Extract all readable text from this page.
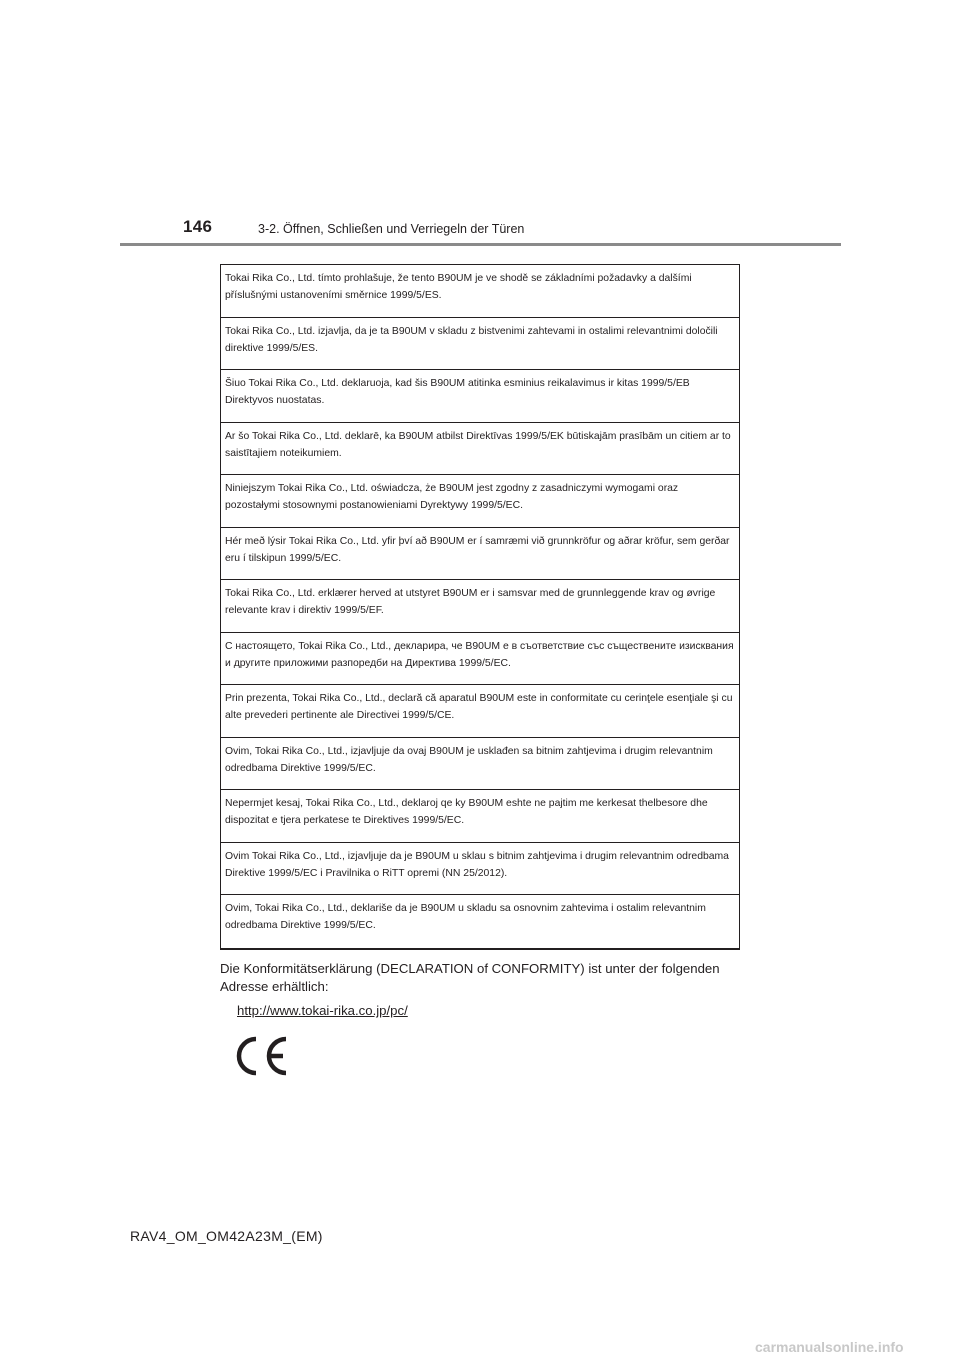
146	3-2. Öffnen, Schließen und Verriegeln der Türen
Tokai Rika Co., Ltd. tímto prohlašuje, že tento B90UM je ve shodě se základními požadavky a dalšími příslušnými ustanoveními směrnice 1999/5/ES.
Tokai Rika Co., Ltd. izjavlja, da je ta B90UM v skladu z bistvenimi zahtevami in ostalimi relevantnimi določili direktive 1999/5/ES.
Šiuo Tokai Rika Co., Ltd. deklaruoja, kad šis B90UM atitinka esminius reikalavimus ir kitas 1999/5/EB Direktyvos nuostatas.
Ar šo Tokai Rika Co., Ltd. deklarē, ka B90UM atbilst Direktīvas 1999/5/EK būtiskajām prasībām un citiem ar to saistītajiem noteikumiem.
Niniejszym Tokai Rika Co., Ltd. oświadcza, że B90UM jest zgodny z zasadniczymi wymogami oraz pozostałymi stosownymi postanowieniami Dyrektywy 1999/5/EC.
Hér með lýsir Tokai Rika Co., Ltd. yfir því að B90UM er í samræmi við grunnkröfur og aðrar kröfur, sem gerðar eru í tilskipun 1999/5/EC.
Tokai Rika Co., Ltd. erklærer herved at utstyret B90UM er i samsvar med de grunnleggende krav og øvrige relevante krav i direktiv 1999/5/EF.
С настоящето, Tokai Rika Co., Ltd., декларира, че B90UM е в съответствие със съществените изисквания и другите приложими разпоредби на Директива 1999/5/EC.
Prin prezenta, Tokai Rika Co., Ltd., declară că aparatul B90UM este in conformitate cu cerinţele esenţiale şi cu alte prevederi pertinente ale Directivei 1999/5/CE.
Ovim, Tokai Rika Co., Ltd., izjavljuje da ovaj B90UM je usklađen sa bitnim zahtjevima i drugim relevantnim odredbama Direktive 1999/5/EC.
Nepermjet kesaj, Tokai Rika Co., Ltd., deklaroj qe ky B90UM eshte ne pajtim me kerkesat thelbesore dhe dispozitat e tjera perkatese te Direktives 1999/5/EC.
Ovim Tokai Rika Co., Ltd., izjavljuje da je B90UM u sklau s bitnim zahtjevima i drugim relevantnim odredbama Direktive 1999/5/EC i Pravilnika o RiTT opremi (NN 25/2012).
Ovim, Tokai Rika Co., Ltd., deklariše da je B90UM u skladu sa osnovnim zahtevima i ostalim relevantnim odredbama Direktive 1999/5/EC.
Die Konformitätserklärung (DECLARATION of CONFORMITY) ist unter der folgenden Adresse erhältlich:
http://www.tokai-rika.co.jp/pc/
RAV4_OM_OM42A23M_(EM)
carmanualsonline.info
